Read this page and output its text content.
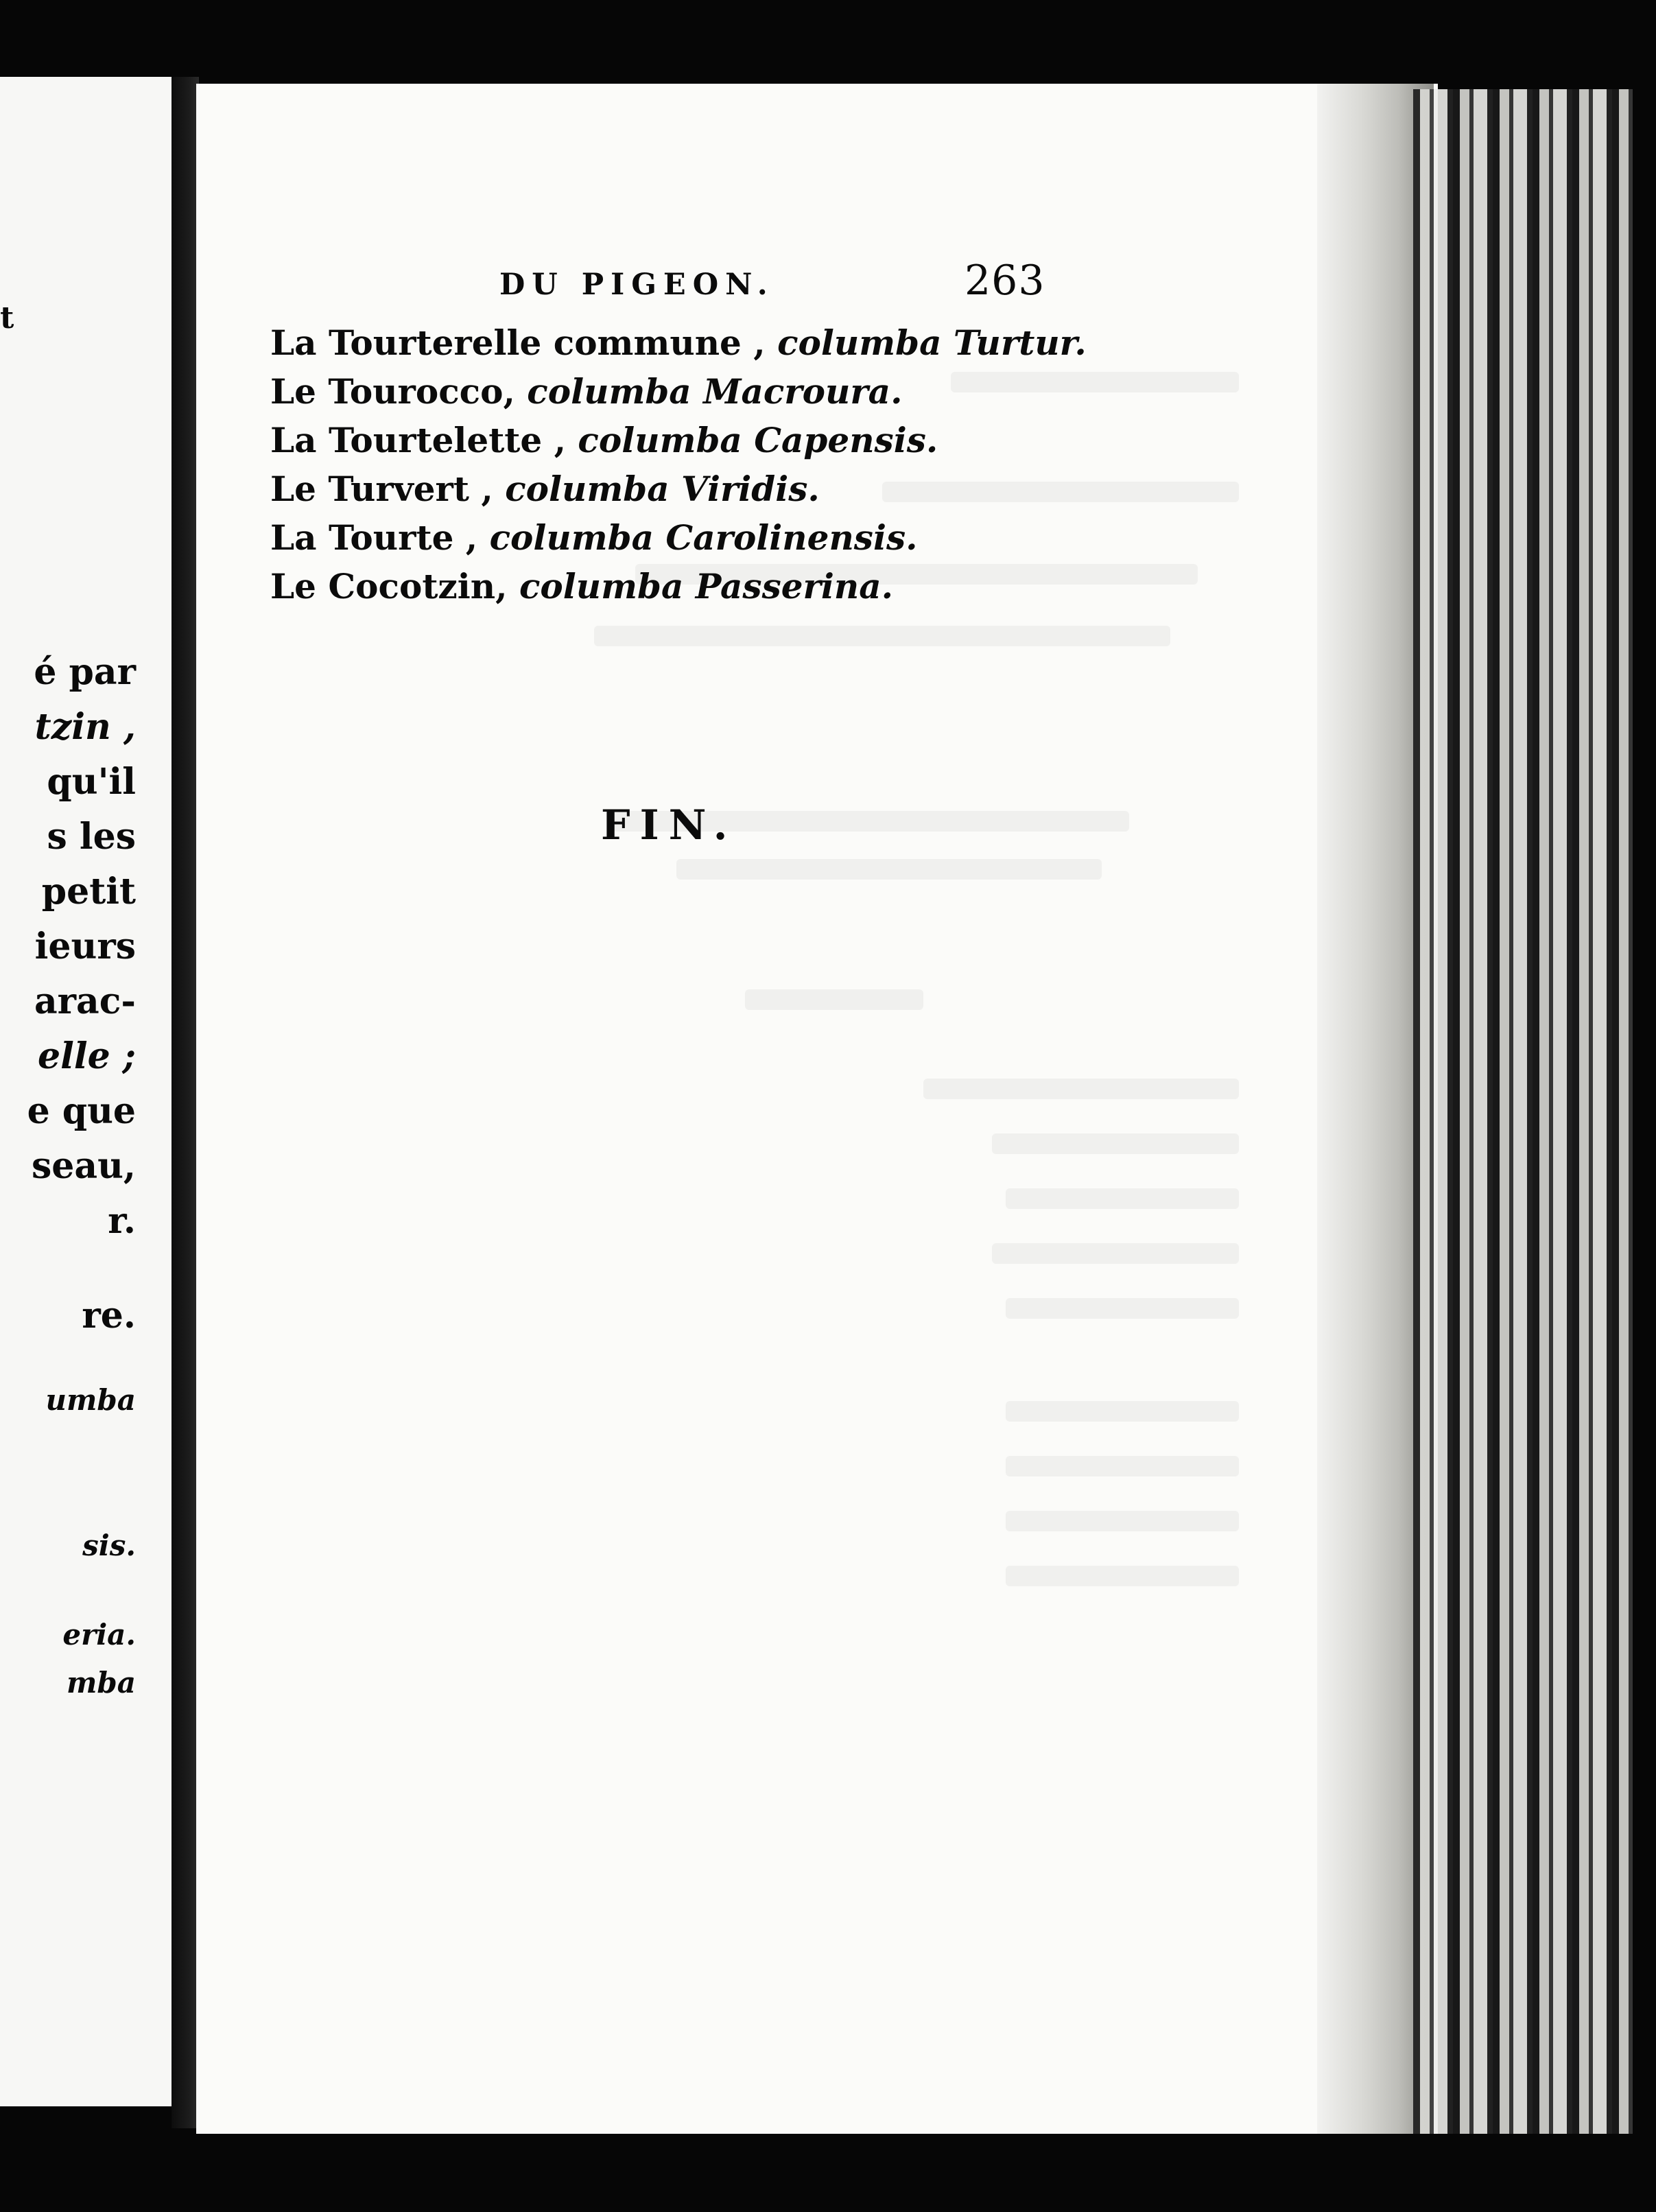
t
é par
tzin ,
qu'il
s les
petit
ieurs
arac-
elle ;
e que
seau,
r.
re.
umba
sis.
eria.
mba
DU PIGEON.	263
La Tourterelle commune , columba Turtur.
Le Tourocco, columba Macroura.
La Tourtelette , columba Capensis.
Le Turvert , columba Viridis.
La Tourte , columba Carolinensis.
Le Cocotzin, columba Passerina.
FIN.
